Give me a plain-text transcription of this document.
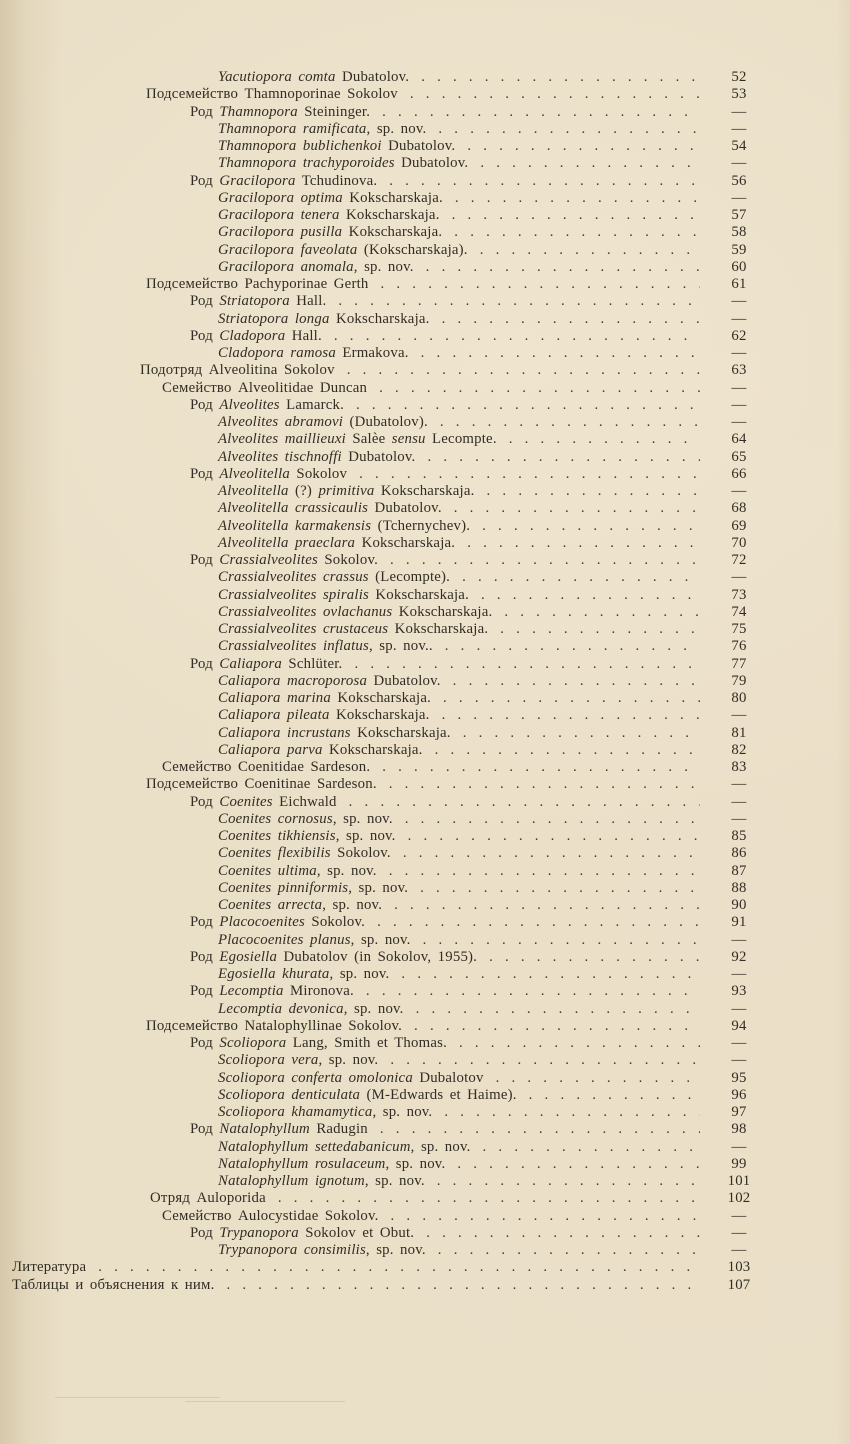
Yacutiopora comta Dubatolov. . . .	52
Подсемейство Thamnoporinae Sokolov . . .	53
Род Thamnopora Steininger. . . .	—
Thamnopora ramificata, sp. nov. . . .	—
Thamnopora bublichenkoi Dubatolov. . . .	54
Thamnopora trachyporoides Dubatolov. . . .	—
Род Gracilopora Tchudinova. . . .	56
Gracilopora optima Kokscharskaja. . . .	—
Gracilopora tenera Kokscharskaja. . . .	57
Gracilopora pusilla Kokscharskaja. . . .	58
Gracilopora faveolata (Kokscharskaja). . . .	59
Gracilopora anomala, sp. nov. . . .	60
Подсемейство Pachyporinae Gerth . . .	61
Род Striatopora Hall. . . .	—
Striatopora longa Kokscharskaja. . . .	—
Род Cladopora Hall. . . .	62
Cladopora ramosa Ermakova. . . .	—
Подотряд Alveolitina Sokolov . . .	63
Семейство Alveolitidae Duncan . . .	—
Род Alveolites Lamarck. . . .	—
Alveolites abramovi (Dubatolov). . . .	—
Alveolites maillieuxi Salèe sensu Lecompte. . . .	64
Alveolites tischnoffi Dubatolov. . . .	65
Род Alveolitella Sokolov . . .	66
Alveolitella (?) primitiva Kokscharskaja. . . .	—
Alveolitella crassicaulis Dubatolov. . . .	68
Alveolitella karmakensis (Tchernychev). . . .	69
Alveolitella praeclara Kokscharskaja. . . .	70
Род Crassialveolites Sokolov. . . .	72
Crassialveolites crassus (Lecompte). . . .	—
Crassialveolites spiralis Kokscharskaja. . . .	73
Crassialveolites ovlachanus Kokscharskaja. . . .	74
Crassialveolites crustaceus Kokscharskaja. . . .	75
Crassialveolites inflatus, sp. nov.. . . .	76
Род Caliapora Schlüter. . . .	77
Caliapora macroporosa Dubatolov. . . .	79
Caliapora marina Kokscharskaja. . . .	80
Caliapora pileata Kokscharskaja. . . .	—
Caliapora incrustans Kokscharskaja. . . .	81
Caliapora parva Kokscharskaja. . . .	82
Семейство Coenitidae Sardeson. . . .	83
Подсемейство Coenitinae Sardeson. . . .	—
Род Coenites Eichwald . . .	—
Coenites cornosus, sp. nov. . . .	—
Coenites tikhiensis, sp. nov. . . .	85
Coenites flexibilis Sokolov. . . .	86
Coenites ultima, sp. nov. . . .	87
Coenites pinniformis, sp. nov. . . .	88
Coenites arrecta, sp. nov. . . .	90
Род Placocoenites Sokolov. . . .	91
Placocoenites planus, sp. nov. . . .	—
Род Egosiella Dubatolov (in Sokolov, 1955). . . .	92
Egosiella khurata, sp. nov. . . .	—
Род Lecomptia Mironova. . . .	93
Lecomptia devonica, sp. nov. . . .	—
Подсемейство Natalophyllinae Sokolov. . . .	94
Род Scoliopora Lang, Smith et Thomas. . . .	—
Scoliopora vera, sp. nov. . . .	—
Scoliopora conferta omolonica Dubalotov . . .	95
Scoliopora denticulata (M-Edwards et Haime). . . .	96
Scoliopora khamamytica, sp. nov. . . .	97
Род Natalophyllum Radugin . . .	98
Natalophyllum settedabanicum, sp. nov. . . .	—
Natalophyllum rosulaceum, sp. nov. . . .	99
Natalophyllum ignotum, sp. nov. . . .	101
Отряд Auloporida . . .	102
Семейство Aulocystidae Sokolov. . . .	—
Род Trypanopora Sokolov et Obut. . . .	—
Trypanopora consimilis, sp. nov. . . .	—
Литература . . .	103
Таблицы и объяснения к ним. . . .	107
